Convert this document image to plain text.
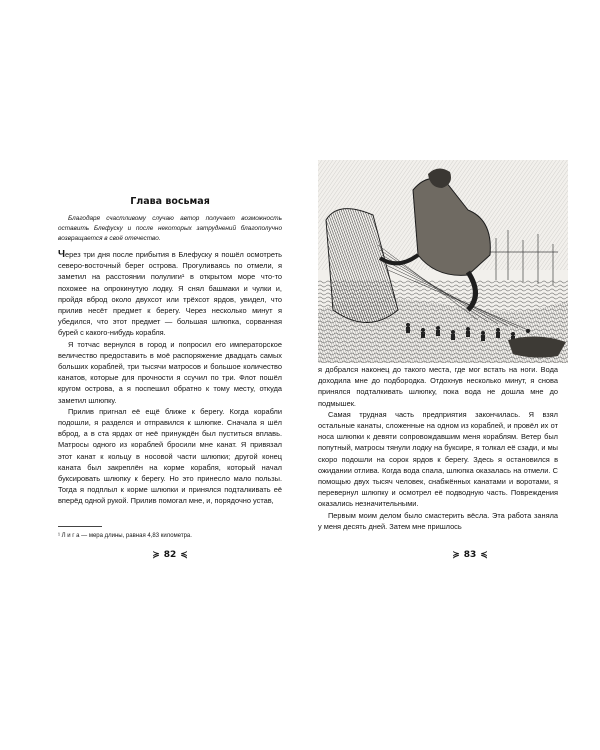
Глава восьмая

Благодаря счастливому случаю автор получает возможность оставить Блефуску и после некоторых затруднений благополучно возвращается в своё отечество.

Через три дня после прибытия в Блефуску я пошёл осмотреть северо-восточный берег острова. Прогуливаясь по отмели, я заметил на расстоянии полулиги¹ в открытом море что-то похожее на опрокинутую лодку. Я снял башмаки и чулки и, пройдя вброд около двухсот или трёхсот ярдов, увидел, что прилив несёт предмет к берегу. Через несколько минут я убедился, что этот предмет — большая шлюпка, сорванная бурей с какого-нибудь корабля.

Я тотчас вернулся в город и попросил его императорское величество предоставить в моё распоряжение двадцать самых больших кораблей, три тысячи матросов и большое количество канатов, которые для прочности я ссучил по три. Флот пошёл кругом острова, а я поспешил обратно к тому месту, откуда заметил шлюпку.

Прилив пригнал её ещё ближе к берегу. Когда корабли подошли, я разделся и отправился к шлюпке. Сначала я шёл вброд, а в ста ярдах от неё принуждён был пуститься вплавь. Матросы одного из кораблей бросили мне канат. Я привязал этот канат к кольцу в носовой части шлюпки; другой конец каната был закреплён на корме корабля, который начал буксировать шлюпку к берегу. Но это принесло мало пользы. Тогда я подплыл к корме шлюпки и принялся подталкивать её вперёд одной рукой. Прилив помогал мне, и, порядочно устав,

¹ Л и г а — мера длины, равная 4,83 километра.
≽ 82 ≼

я добрался наконец до такого места, где мог встать на ноги. Вода доходила мне до подбородка. Отдохнув несколько минут, я снова принялся подталкивать шлюпку, пока вода не дошла мне до подмышек.

Самая трудная часть предприятия закончилась. Я взял остальные канаты, сложенные на одном из кораблей, и провёл их от носа шлюпки к девяти сопровождавшим меня кораблям. Ветер был попутный, матросы тянули лодку на буксире, я толкал её сзади, и мы скоро подошли на сорок ярдов к берегу. Здесь я остановился в ожидании отлива. Когда вода спала, шлюпка оказалась на отмели. С помощью двух тысяч человек, снабжённых канатами и воротами, я перевернул шлюпку и осмотрел её подводную часть. Повреждения оказались незначительными.

Первым моим делом было смастерить вёсла. Эта работа заняла у меня десять дней. Затем мне пришлось

≽ 83 ≼
